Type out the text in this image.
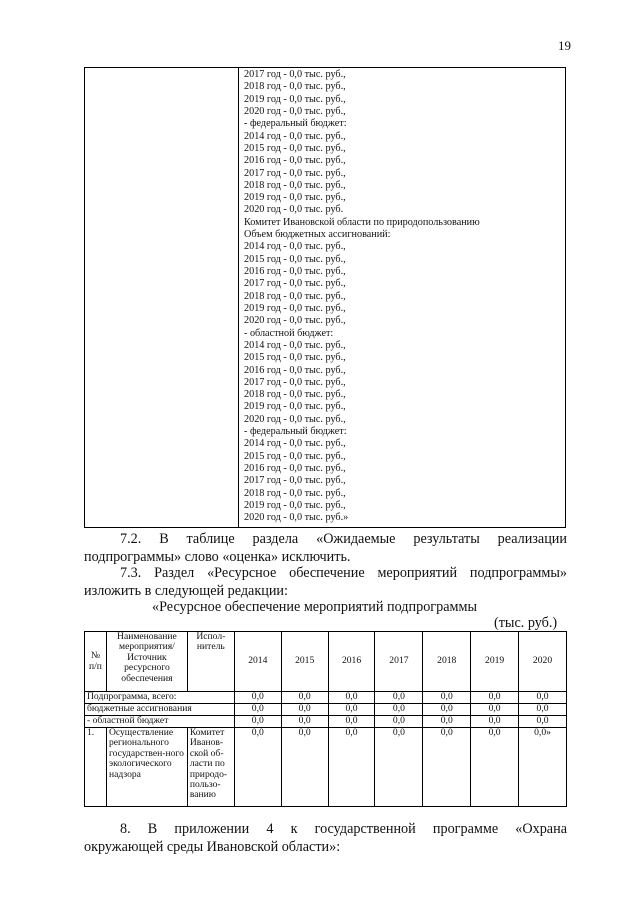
19
2017 год - 0,0 тыс. руб.,
2018 год - 0,0 тыс. руб.,
2019 год - 0,0 тыс. руб.,
2020 год - 0,0 тыс. руб.,
- федеральный бюджет:
2014 год - 0,0 тыс. руб.,
2015 год - 0,0 тыс. руб.,
2016 год - 0,0 тыс. руб.,
2017 год - 0,0 тыс. руб.,
2018 год - 0,0 тыс. руб.,
2019 год - 0,0 тыс. руб.,
2020 год - 0,0 тыс. руб.
Комитет Ивановской области по природопользованию
Объем бюджетных ассигнований:
2014 год - 0,0 тыс. руб.,
2015 год - 0,0 тыс. руб.,
2016 год - 0,0 тыс. руб.,
2017 год - 0,0 тыс. руб.,
2018 год - 0,0 тыс. руб.,
2019 год - 0,0 тыс. руб.,
2020 год - 0,0 тыс. руб.,
- областной бюджет:
2014 год - 0,0 тыс. руб.,
2015 год - 0,0 тыс. руб.,
2016 год - 0,0 тыс. руб.,
2017 год - 0,0 тыс. руб.,
2018 год - 0,0 тыс. руб.,
2019 год - 0,0 тыс. руб.,
2020 год - 0,0 тыс. руб.,
- федеральный бюджет:
2014 год - 0,0 тыс. руб.,
2015 год - 0,0 тыс. руб.,
2016 год - 0,0 тыс. руб.,
2017 год - 0,0 тыс. руб.,
2018 год - 0,0 тыс. руб.,
2019 год - 0,0 тыс. руб.,
2020 год - 0,0 тыс. руб.»
7.2. В таблице раздела «Ожидаемые результаты реализации
подпрограммы» слово «оценка» исключить.
7.3. Раздел «Ресурсное обеспечение мероприятий подпрограммы»
изложить в следующей редакции:
«Ресурсное обеспечение мероприятий подпрограммы
(тыс. руб.)
№ п/п	Наименование мероприятия/ Источник ресурсного обеспечения	Испол-нитель	2014	2015	2016	2017	2018	2019	2020
Подпрограмма, всего:			0,0	0,0	0,0	0,0	0,0	0,0	0,0
бюджетные ассигнования			0,0	0,0	0,0	0,0	0,0	0,0	0,0
- областной бюджет			0,0	0,0	0,0	0,0	0,0	0,0	0,0
1.	Осуществление регионального государствен-ного экологического надзора	Комитет Иванов-ской об-ласти по природо-пользо-ванию	0,0	0,0	0,0	0,0	0,0	0,0	0,0»
8. В приложении 4 к государственной программе «Охрана
окружающей среды Ивановской области»:
